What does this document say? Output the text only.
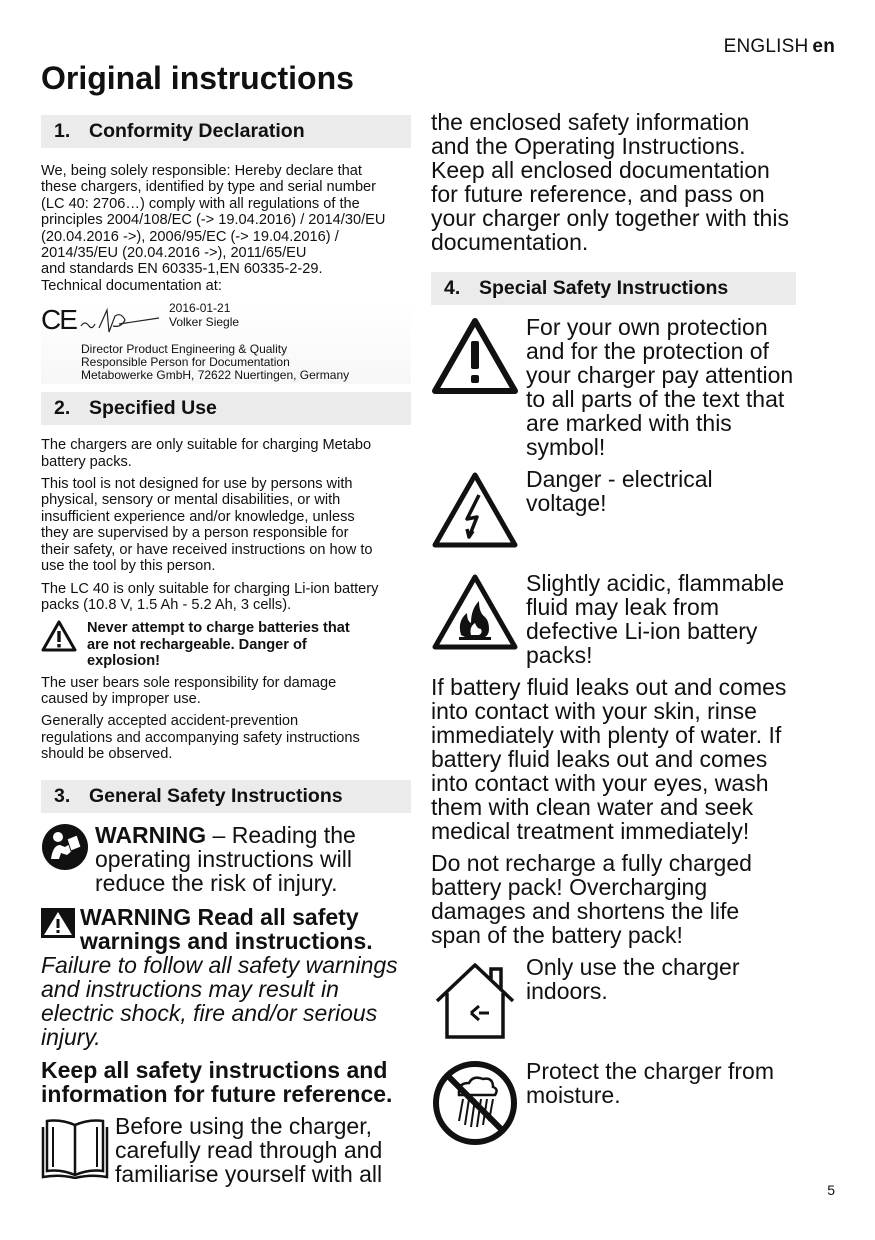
ENGLISH en
Original instructions
1. Conformity Declaration

We, being solely responsible: Hereby declare that

these chargers, identified by type and serial number

(LC 40: 2706…) comply with all regulations of the

principles 2004/108/EC (-> 19.04.2016) / 2014/30/EU

(20.04.2016 ->), 2006/95/EC (-> 19.04.2016) /

2014/35/EU (20.04.2016 ->), 2011/65/EU

and standards EN 60335-1,EN 60335-2-29.

Technical documentation at:

CE	2016-01-21
Volker Siegle
Director Product Engineering & Quality
Responsible Person for Documentation
Metabowerke GmbH, 72622 Nuertingen, Germany
2. Specified Use

The chargers are only suitable for charging Metabo

battery packs.

This tool is not designed for use by persons with

physical, sensory or mental disabilities, or with

insufficient experience and/or knowledge, unless

they are supervised by a person responsible for

their safety, or have received instructions on how to

use the tool by this person.

The LC 40 is only suitable for charging Li-ion battery

packs (10.8 V, 1.5 Ah - 5.2 Ah, 3 cells).

Never attempt to charge batteries that

are not rechargeable. Danger of

explosion!

The user bears sole responsibility for damage

caused by improper use.

Generally accepted accident-prevention

regulations and accompanying safety instructions

should be observed.

3. General Safety Instructions

WARNING – Reading the

operating instructions will

reduce the risk of injury.

WARNING Read all safety

warnings and instructions.

Failure to follow all safety warnings

and instructions may result in

electric shock, fire and/or serious

injury.

Keep all safety instructions and

information for future reference.

Before using the charger,

carefully read through and

familiarise yourself with all

the enclosed safety information

and the Operating Instructions.

Keep all enclosed documentation

for future reference, and pass on

your charger only together with this

documentation.

4. Special Safety Instructions

For your own protection

and for the protection of

your charger pay attention

to all parts of the text that

are marked with this

symbol!

Danger - electrical

voltage!

Slightly acidic, flammable

fluid may leak from

defective Li-ion battery

packs!

If battery fluid leaks out and comes

into contact with your skin, rinse

immediately with plenty of water. If

battery fluid leaks out and comes

into contact with your eyes, wash

them with clean water and seek

medical treatment immediately!

Do not recharge a fully charged

battery pack! Overcharging

damages and shortens the life

span of the battery pack!

Only use the charger

indoors.

Protect the charger from

moisture.

5
